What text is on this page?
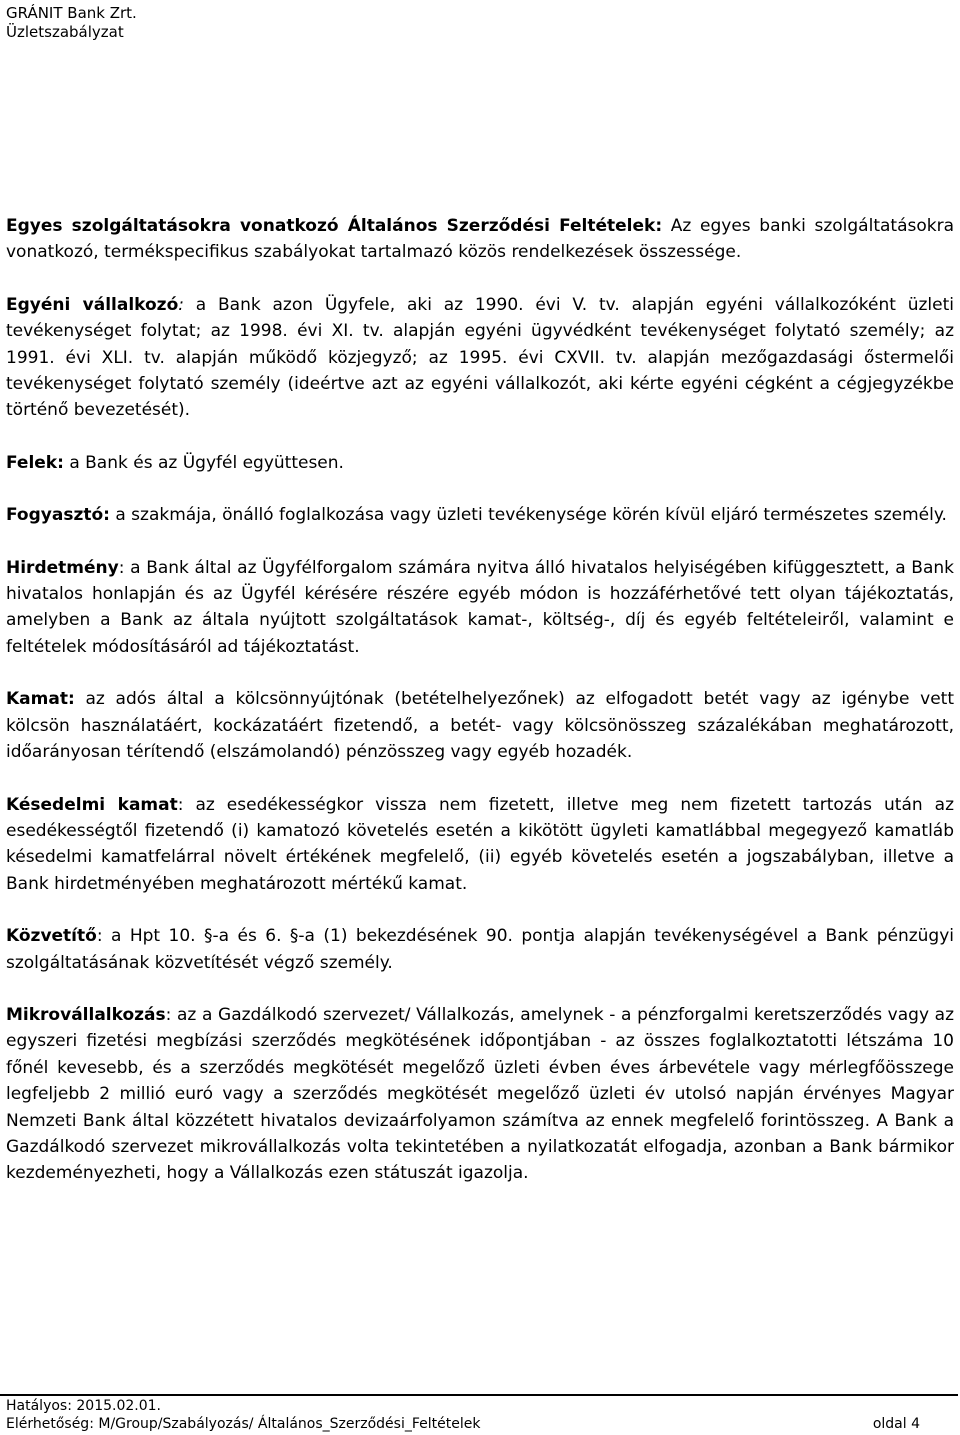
GRÁNIT Bank Zrt.
Üzletszabályzat

Egyes szolgáltatásokra vonatkozó Általános Szerződési Feltételek: Az egyes banki szolgáltatásokra vonatkozó, termékspecifikus szabályokat tartalmazó közös rendelkezések összessége.

Egyéni vállalkozó: a Bank azon Ügyfele, aki az 1990. évi V. tv. alapján egyéni vállalkozóként üzleti tevékenységet folytat; az 1998. évi XI. tv. alapján egyéni ügyvédként tevékenységet folytató személy; az 1991. évi XLI. tv. alapján működő közjegyző; az 1995. évi CXVII. tv. alapján mezőgazdasági őstermelői tevékenységet folytató személy (ideértve azt az egyéni vállalkozót, aki kérte egyéni cégként a cégjegyzékbe történő bevezetését).

Felek: a Bank és az Ügyfél együttesen.

Fogyasztó: a szakmája, önálló foglalkozása vagy üzleti tevékenysége körén kívül eljáró természetes személy.

Hirdetmény: a Bank által az Ügyfélforgalom számára nyitva álló hivatalos helyiségében kifüggesztett, a Bank hivatalos honlapján és az Ügyfél kérésére részére egyéb módon is hozzáférhetővé tett olyan tájékoztatás, amelyben a Bank az általa nyújtott szolgáltatások kamat-, költség-, díj és egyéb feltételeiről, valamint e feltételek módosításáról ad tájékoztatást.

Kamat: az adós által a kölcsönnyújtónak (betételhelyezőnek) az elfogadott betét vagy az igénybe vett kölcsön használatáért, kockázatáért fizetendő, a betét- vagy kölcsönösszeg százalékában meghatározott, időarányosan térítendő (elszámolandó) pénzösszeg vagy egyéb hozadék.

Késedelmi kamat: az esedékességkor vissza nem fizetett, illetve meg nem fizetett tartozás után az esedékességtől fizetendő (i) kamatozó követelés esetén a kikötött ügyleti kamatlábbal megegyező kamatláb késedelmi kamatfelárral növelt értékének megfelelő, (ii) egyéb követelés esetén a jogszabályban, illetve a Bank hirdetményében meghatározott mértékű kamat.

Közvetítő: a Hpt 10. §-a és 6. §-a (1) bekezdésének 90. pontja alapján tevékenységével a Bank pénzügyi szolgáltatásának közvetítését végző személy.

Mikrovállalkozás: az a Gazdálkodó szervezet/ Vállalkozás, amelynek - a pénzforgalmi keretszerződés vagy az egyszeri fizetési megbízási szerződés megkötésének időpontjában - az összes foglalkoztatotti létszáma 10 főnél kevesebb, és a szerződés megkötését megelőző üzleti évben éves árbevétele vagy mérlegfőösszege legfeljebb 2 millió euró vagy a szerződés megkötését megelőző üzleti év utolsó napján érvényes Magyar Nemzeti Bank által közzétett hivatalos devizaárfolyamon számítva az ennek megfelelő forintösszeg. A Bank a Gazdálkodó szervezet mikrovállalkozás volta tekintetében a nyilatkozatát elfogadja, azonban a Bank bármikor kezdeményezheti, hogy a Vállalkozás ezen státuszát igazolja.

Hatályos: 2015.02.01.
Elérhetőség: M/Group/Szabályozás/ Általános_Szerződési_Feltételek	oldal 4
